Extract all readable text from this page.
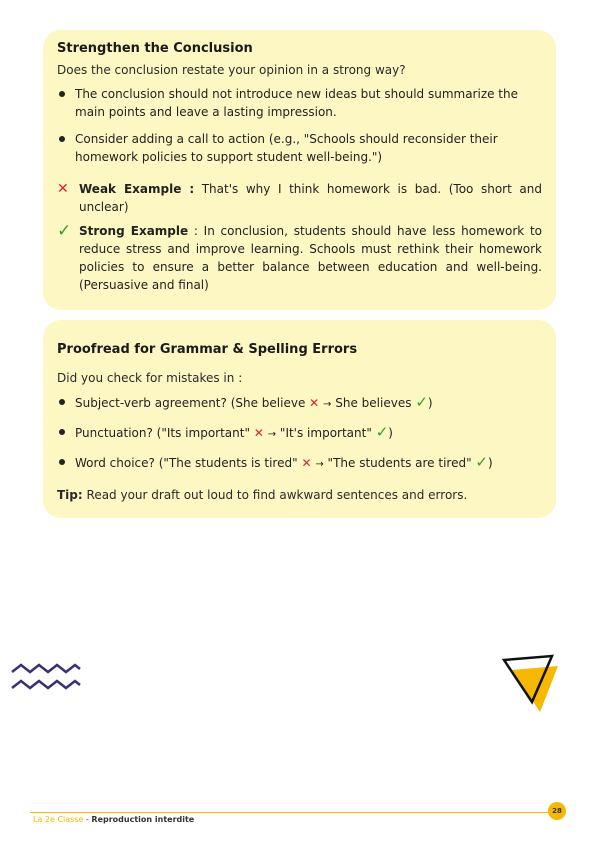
Strengthen the Conclusion
Does the conclusion restate your opinion in a strong way?
The conclusion should not introduce new ideas but should summarize the main points and leave a lasting impression.
Consider adding a call to action (e.g., "Schools should reconsider their homework policies to support student well-being.")
✕ Weak Example : That's why I think homework is bad. (Too short and unclear)
✓ Strong Example : In conclusion, students should have less homework to reduce stress and improve learning. Schools must rethink their homework policies to ensure a better balance between education and well-being. (Persuasive and final)
Proofread for Grammar & Spelling Errors
Did you check for mistakes in :
Subject-verb agreement? (She believe ✕ → She believes ✓)
Punctuation? ("Its important" ✕ → "It's important" ✓)
Word choice? ("The students is tired" ✕ → "The students are tired" ✓)
Tip: Read your draft out loud to find awkward sentences and errors.
La 2e Classe - Reproduction interdite
28
